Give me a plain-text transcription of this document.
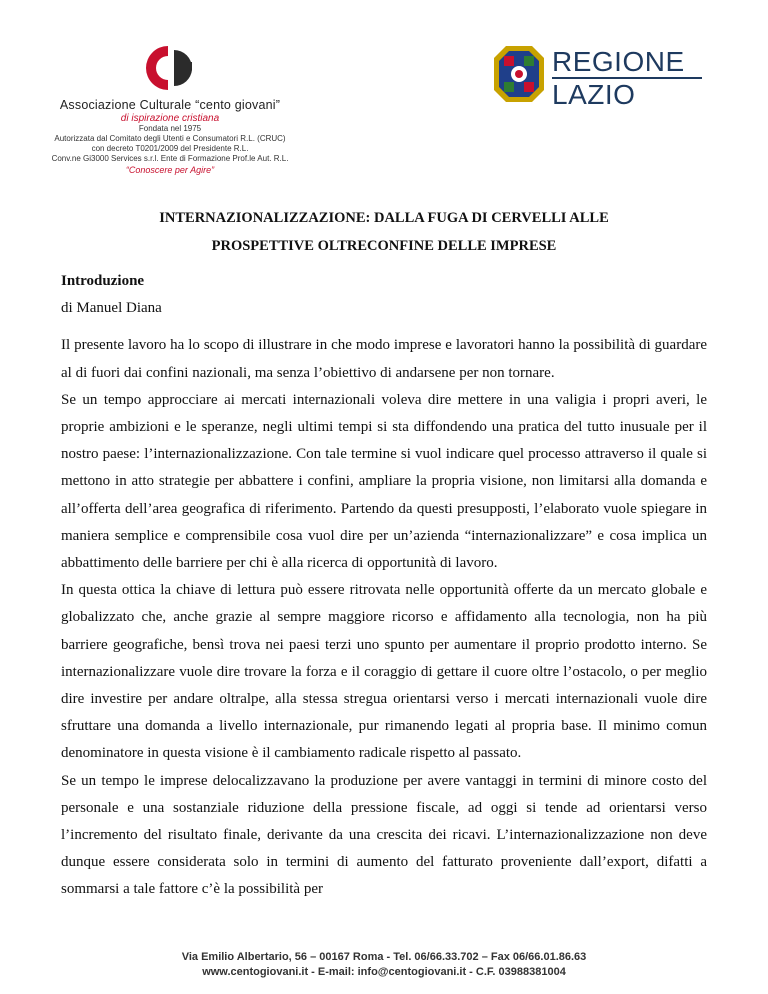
Associazione Culturale “cento giovani”
di ispirazione cristiana
Fondata nel 1975
Autorizzata dal Comitato degli Utenti e Consumatori R.L. (CRUC)
con decreto T0201/2009 del Presidente R.L.
Conv.ne Gi3000 Services s.r.l. Ente di Formazione Prof.le Aut. R.L.
“Conoscere per Agire”
REGIONE
LAZIO
INTERNAZIONALIZZAZIONE: DALLA FUGA DI CERVELLI ALLE
PROSPETTIVE OLTRECONFINE DELLE IMPRESE

Introduzione

di Manuel Diana

Il presente lavoro ha lo scopo di illustrare in che modo imprese e lavoratori hanno la possibilità di guardare al di fuori dai confini nazionali, ma senza l’obiettivo di andarsene per non tornare.

Se un tempo approcciare ai mercati internazionali voleva dire mettere in una valigia i propri averi, le proprie ambizioni e le speranze, negli ultimi tempi si sta diffondendo una pratica del tutto inusuale per il nostro paese: l’internazionalizzazione. Con tale termine si vuol indicare quel processo attraverso il quale si mettono in atto strategie per abbattere i confini, ampliare la propria visione, non limitarsi alla domanda e all’offerta dell’area geografica di riferimento. Partendo da questi presupposti, l’elaborato vuole spiegare in maniera semplice e comprensibile cosa vuol dire per un’azienda “internazionalizzare” e cosa implica un abbattimento delle barriere per chi è alla ricerca di opportunità di lavoro.

In questa ottica la chiave di lettura può essere ritrovata nelle opportunità offerte da un mercato globale e globalizzato che, anche grazie al sempre maggiore ricorso e affidamento alla tecnologia, non ha più barriere geografiche, bensì trova nei paesi terzi uno spunto per aumentare il proprio prodotto interno. Se internazionalizzare vuole dire trovare la forza e il coraggio di gettare il cuore oltre l’ostacolo, o per meglio dire investire per andare oltralpe, alla stessa stregua orientarsi verso i mercati internazionali vuole dire sfruttare una domanda a livello internazionale, pur rimanendo legati al propria base. Il minimo comun denominatore in questa visione è il cambiamento radicale rispetto al passato.

Se un tempo le imprese delocalizzavano la produzione per avere vantaggi in termini di minore costo del personale e una sostanziale riduzione della pressione fiscale, ad oggi si tende ad orientarsi verso l’incremento del risultato finale, derivante da una crescita dei ricavi. L’internazionalizzazione non deve dunque essere considerata solo in termini di aumento del fatturato proveniente dall’export, difatti a sommarsi a tale fattore c’è la possibilità per

Via Emilio Albertario, 56 – 00167 Roma - Tel. 06/66.33.702 – Fax 06/66.01.86.63
www.centogiovani.it - E-mail: info@centogiovani.it - C.F. 03988381004
